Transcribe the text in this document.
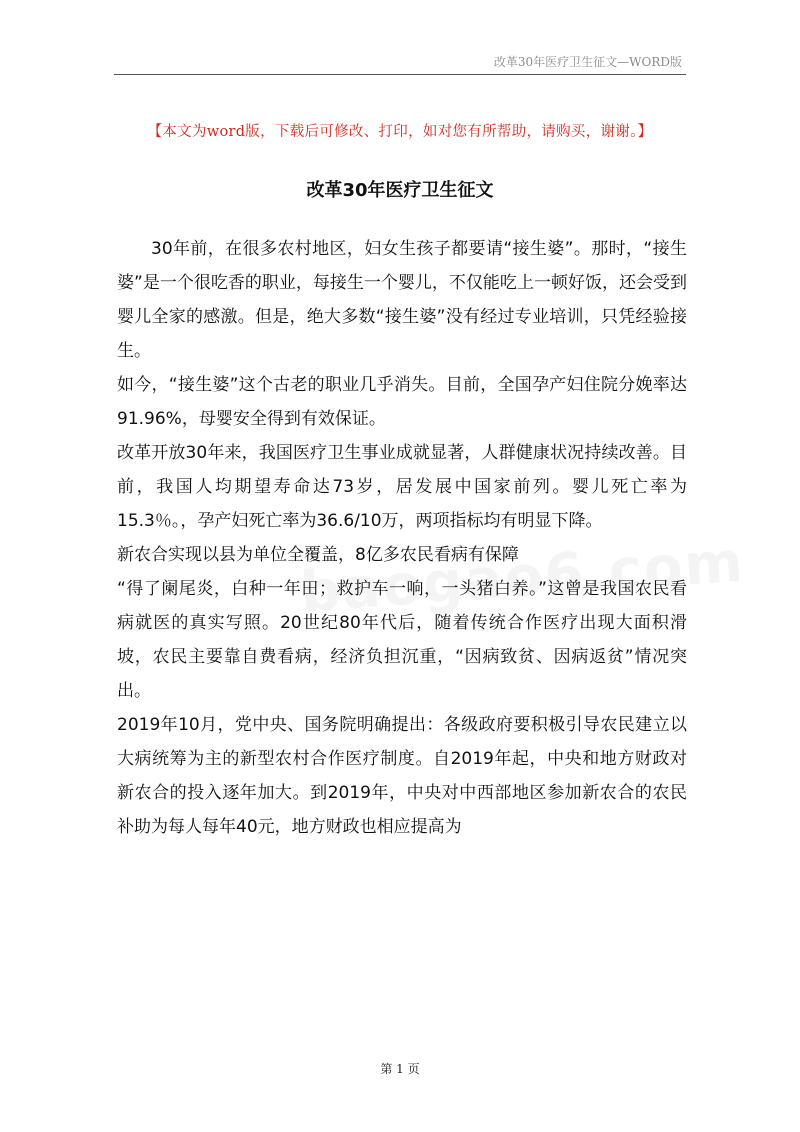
改革30年医疗卫生征文—WORD版
【本文为word版，下载后可修改、打印，如对您有所帮助，请购买，谢谢。】
改革30年医疗卫生征文

30年前，在很多农村地区，妇女生孩子都要请“接生婆”。那时，“接生婆”是一个很吃香的职业，每接生一个婴儿，不仅能吃上一顿好饭，还会受到婴儿全家的感激。但是，绝大多数“接生婆”没有经过专业培训，只凭经验接生。

如今，“接生婆”这个古老的职业几乎消失。目前，全国孕产妇住院分娩率达91.96%，母婴安全得到有效保证。

改革开放30年来，我国医疗卫生事业成就显著，人群健康状况持续改善。目前，我国人均期望寿命达73岁，居发展中国家前列。婴儿死亡率为15.3％。，孕产妇死亡率为36.6/10万，两项指标均有明显下降。

新农合实现以县为单位全覆盖，8亿多农民看病有保障

“得了阑尾炎，白种一年田；救护车一响，一头猪白养。”这曾是我国农民看病就医的真实写照。20世纪80年代后，随着传统合作医疗出现大面积滑坡，农民主要靠自费看病，经济负担沉重，“因病致贫、因病返贫”情况突出。

2019年10月，党中央、国务院明确提出：各级政府要积极引导农民建立以大病统筹为主的新型农村合作医疗制度。自2019年起，中央和地方财政对新农合的投入逐年加大。到2019年，中央对中西部地区参加新农合的农民补助为每人每年40元，地方财政也相应提高为

第 1 页
